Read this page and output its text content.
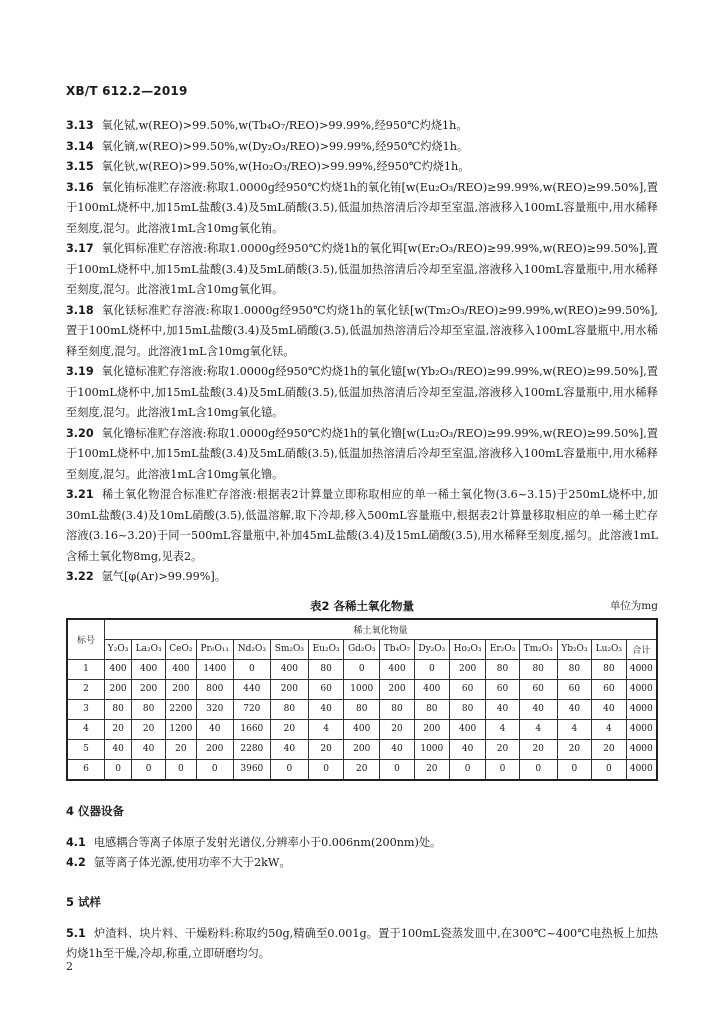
XB/T 612.2—2019

3.13 氧化铽,w(REO)>99.50%,w(Tb₄O₇/REO)>99.99%,经950℃灼烧1h。

3.14 氧化镝,w(REO)>99.50%,w(Dy₂O₃/REO)>99.99%,经950℃灼烧1h。

3.15 氧化钬,w(REO)>99.50%,w(Ho₂O₃/REO)>99.99%,经950℃灼烧1h。

3.16 氧化铕标准贮存溶液:称取1.0000g经950℃灼烧1h的氧化铕[w(Eu₂O₃/REO)≥99.99%,w(REO)≥99.50%],置于100mL烧杯中,加15mL盐酸(3.4)及5mL硝酸(3.5),低温加热溶清后冷却至室温,溶液移入100mL容量瓶中,用水稀释至刻度,混匀。此溶液1mL含10mg氧化铕。

3.17 氧化铒标准贮存溶液:称取1.0000g经950℃灼烧1h的氧化铒[w(Er₂O₃/REO)≥99.99%,w(REO)≥99.50%],置于100mL烧杯中,加15mL盐酸(3.4)及5mL硝酸(3.5),低温加热溶清后冷却至室温,溶液移入100mL容量瓶中,用水稀释至刻度,混匀。此溶液1mL含10mg氧化铒。

3.18 氧化铥标准贮存溶液:称取1.0000g经950℃灼烧1h的氧化铥[w(Tm₂O₃/REO)≥99.99%,w(REO)≥99.50%],置于100mL烧杯中,加15mL盐酸(3.4)及5mL硝酸(3.5),低温加热溶清后冷却至室温,溶液移入100mL容量瓶中,用水稀释至刻度,混匀。此溶液1mL含10mg氧化铥。

3.19 氧化镱标准贮存溶液:称取1.0000g经950℃灼烧1h的氧化镱[w(Yb₂O₃/REO)≥99.99%,w(REO)≥99.50%],置于100mL烧杯中,加15mL盐酸(3.4)及5mL硝酸(3.5),低温加热溶清后冷却至室温,溶液移入100mL容量瓶中,用水稀释至刻度,混匀。此溶液1mL含10mg氧化镱。

3.20 氧化镥标准贮存溶液:称取1.0000g经950℃灼烧1h的氧化镥[w(Lu₂O₃/REO)≥99.99%,w(REO)≥99.50%],置于100mL烧杯中,加15mL盐酸(3.4)及5mL硝酸(3.5),低温加热溶清后冷却至室温,溶液移入100mL容量瓶中,用水稀释至刻度,混匀。此溶液1mL含10mg氧化镥。

3.21 稀土氧化物混合标准贮存溶液:根据表2计算量立即称取相应的单一稀土氧化物(3.6~3.15)于250mL烧杯中,加30mL盐酸(3.4)及10mL硝酸(3.5),低温溶解,取下冷却,移入500mL容量瓶中,根据表2计算量移取相应的单一稀土贮存溶液(3.16~3.20)于同一500mL容量瓶中,补加45mL盐酸(3.4)及15mL硝酸(3.5),用水稀释至刻度,摇匀。此溶液1mL含稀土氧化物8mg,见表2。

3.22 氩气[φ(Ar)>99.99%]。

表2 各稀土氧化物量	单位为mg
标号	稀土氧化物量															
	Y₂O₃	La₂O₃	CeO₂	Pr₆O₁₁	Nd₂O₃	Sm₂O₃	Eu₂O₃	Gd₂O₃	Tb₄O₇	Dy₂O₃	Ho₂O₃	Er₂O₃	Tm₂O₃	Yb₂O₃	Lu₂O₃	合计
1	400	400	400	1400	0	400	80	0	400	0	200	80	80	80	80	4000
2	200	200	200	800	440	200	60	1000	200	400	60	60	60	60	60	4000
3	80	80	2200	320	720	80	40	80	80	80	80	40	40	40	40	4000
4	20	20	1200	40	1660	20	4	400	20	200	400	4	4	4	4	4000
5	40	40	20	200	2280	40	20	200	40	1000	40	20	20	20	20	4000
6	0	0	0	0	3960	0	0	20	0	20	0	0	0	0	0	4000

4 仪器设备

4.1 电感耦合等离子体原子发射光谱仪,分辨率小于0.006nm(200nm)处。

4.2 氩等离子体光源,使用功率不大于2kW。

5 试样

5.1 炉渣料、块片料、干燥粉料:称取约50g,精确至0.001g。置于100mL瓷蒸发皿中,在300℃~400℃电热板上加热灼烧1h至干燥,冷却,称重,立即研磨均匀。

2
